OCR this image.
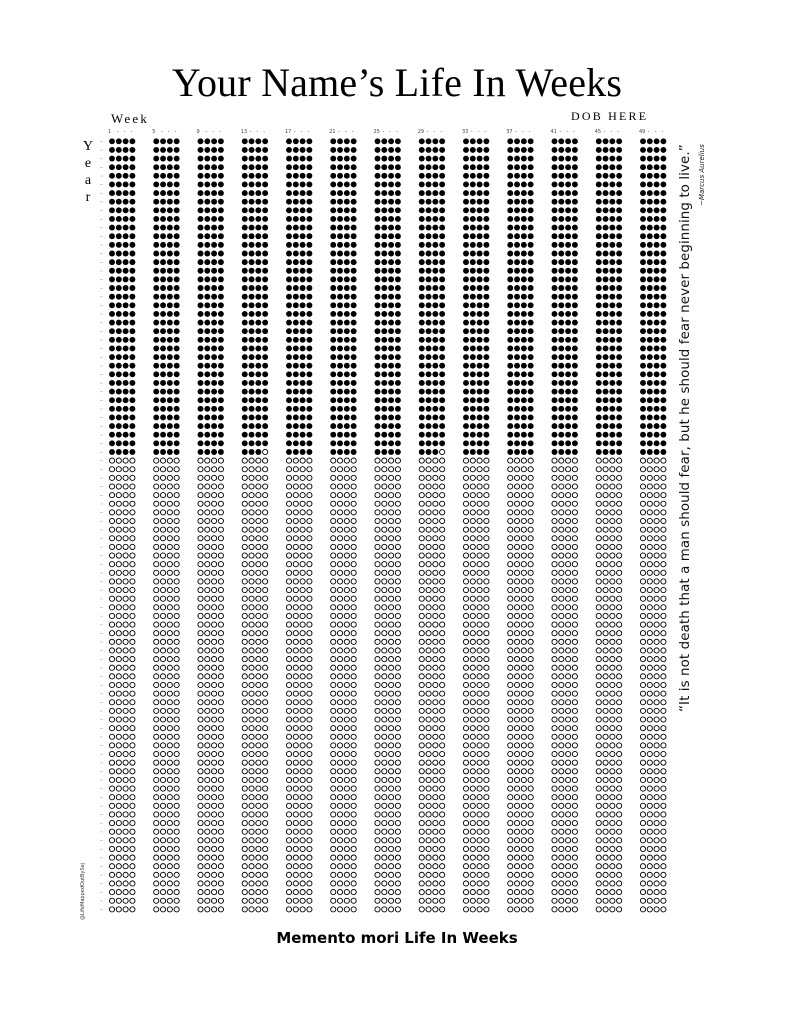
Your Name’s Life In Weeks
Week	DOB HERE
Y
e
a
r
1	5	9	13	17	21	25	29	33	37	41	45	49
“It is not death that a man should fear, but he should fear never beginning to live.” ~Marcus Aurelius
@LifeMappedOutBySej
Memento mori Life In Weeks
